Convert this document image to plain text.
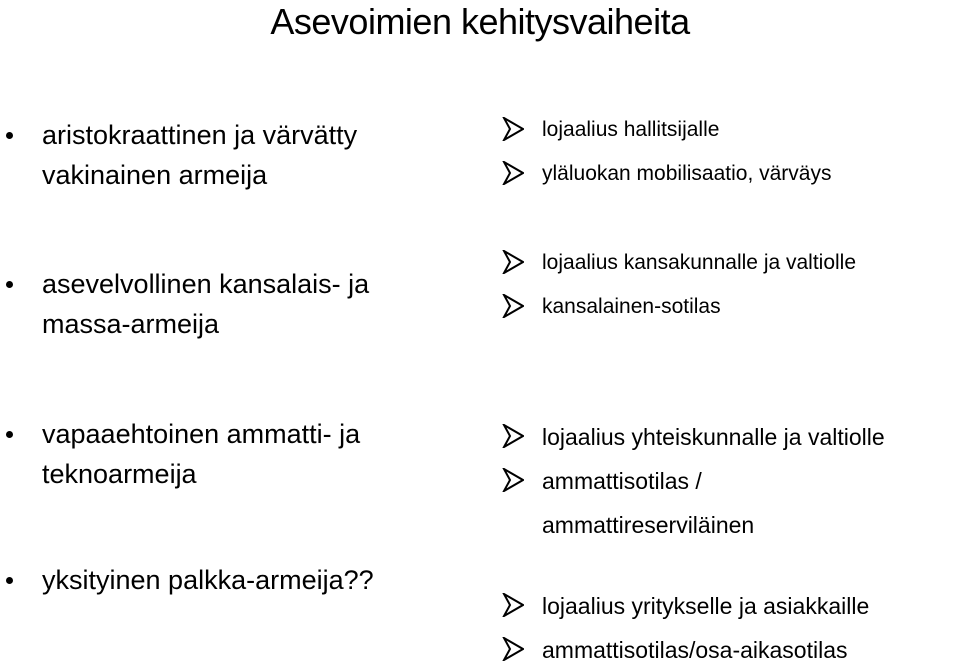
Asevoimien kehitysvaiheita
aristokraattinen ja värvätty
vakinainen armeija
asevelvollinen kansalais- ja
massa-armeija
vapaaehtoinen ammatti- ja
teknoarmeija
yksityinen palkka-armeija??
lojaalius hallitsijalle
yläluokan mobilisaatio, värväys
lojaalius kansakunnalle ja valtiolle
kansalainen-sotilas
lojaalius yhteiskunnalle ja valtiolle
ammattisotilas /
ammattireserviläinen
lojaalius yritykselle ja asiakkaille
ammattisotilas/osa-aikasotilas
